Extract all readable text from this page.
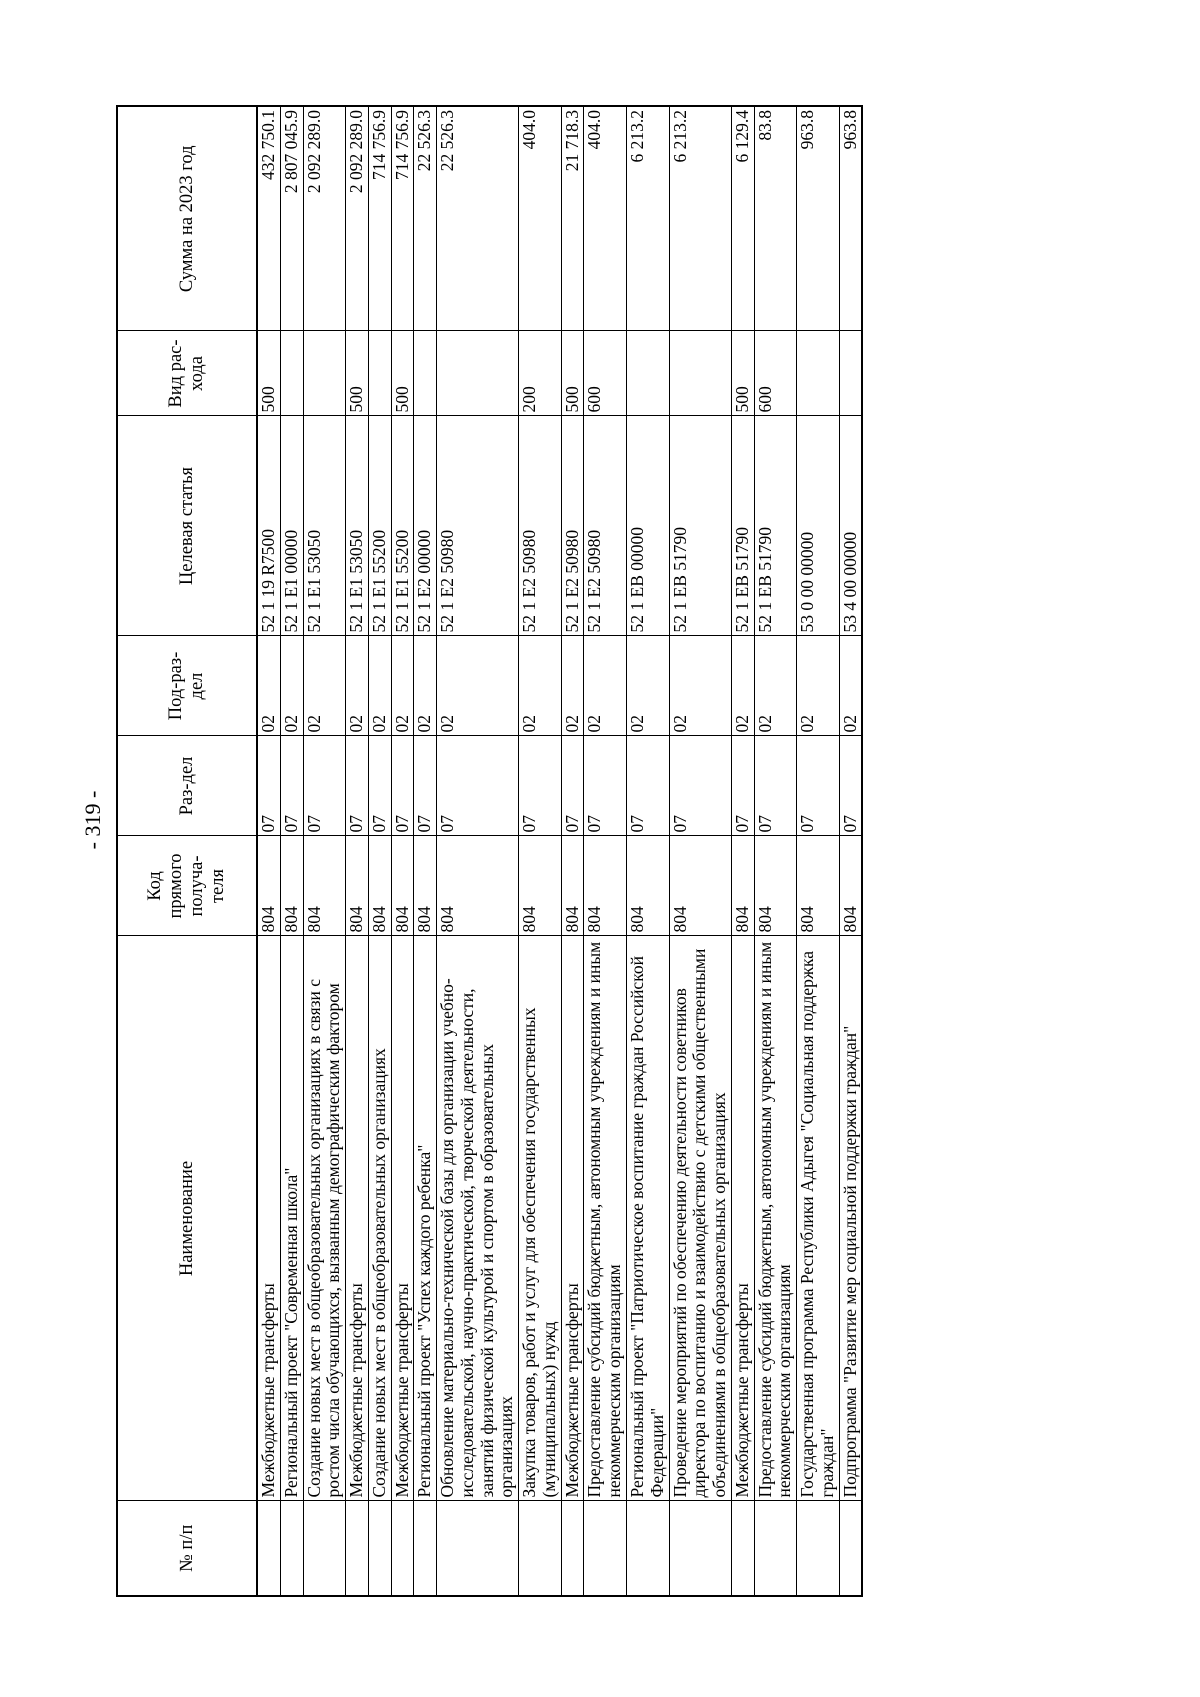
- 319 -
№ п/п	Наименование	Код прямого получа-теля	Раз-дел	Под-раз-дел	Целевая статья	Вид рас-хода	Сумма на 2023 год
	Межбюджетные трансферты	804	07	02	52 1 19 R7500	500	432 750.1
	Региональный проект "Современная школа"	804	07	02	52 1 E1 00000		2 807 045.9
	Создание новых мест в общеобразовательных организациях в связи с ростом числа обучающихся, вызванным демографическим фактором	804	07	02	52 1 E1 53050		2 092 289.0
	Межбюджетные трансферты	804	07	02	52 1 E1 53050	500	2 092 289.0
	Создание новых мест в общеобразовательных организациях	804	07	02	52 1 E1 55200		714 756.9
	Межбюджетные трансферты	804	07	02	52 1 E1 55200	500	714 756.9
	Региональный проект "Успех каждого ребенка"	804	07	02	52 1 E2 00000		22 526.3
	Обновление материально-технической базы для организации учебно-исследовательской, научно-практической, творческой деятельности, занятий физической культурой и спортом в образовательных организациях	804	07	02	52 1 E2 50980		22 526.3
	Закупка товаров, работ и услуг для обеспечения государственных (муниципальных) нужд	804	07	02	52 1 E2 50980	200	404.0
	Межбюджетные трансферты	804	07	02	52 1 E2 50980	500	21 718.3
	Предоставление субсидий бюджетным, автономным учреждениям и иным некоммерческим организациям	804	07	02	52 1 E2 50980	600	404.0
	Региональный проект "Патриотическое воспитание граждан Российской Федерации"	804	07	02	52 1 EB 00000		6 213.2
	Проведение мероприятий по обеспечению деятельности советников директора по воспитанию и взаимодействию с детскими общественными объединениями в общеобразовательных организациях	804	07	02	52 1 EB 51790		6 213.2
	Межбюджетные трансферты	804	07	02	52 1 EB 51790	500	6 129.4
	Предоставление субсидий бюджетным, автономным учреждениям и иным некоммерческим организациям	804	07	02	52 1 EB 51790	600	83.8
	Государственная программа Республики Адыгея "Социальная поддержка граждан"	804	07	02	53 0 00 00000		963.8
	Подпрограмма "Развитие мер социальной поддержки граждан"	804	07	02	53 4 00 00000		963.8
